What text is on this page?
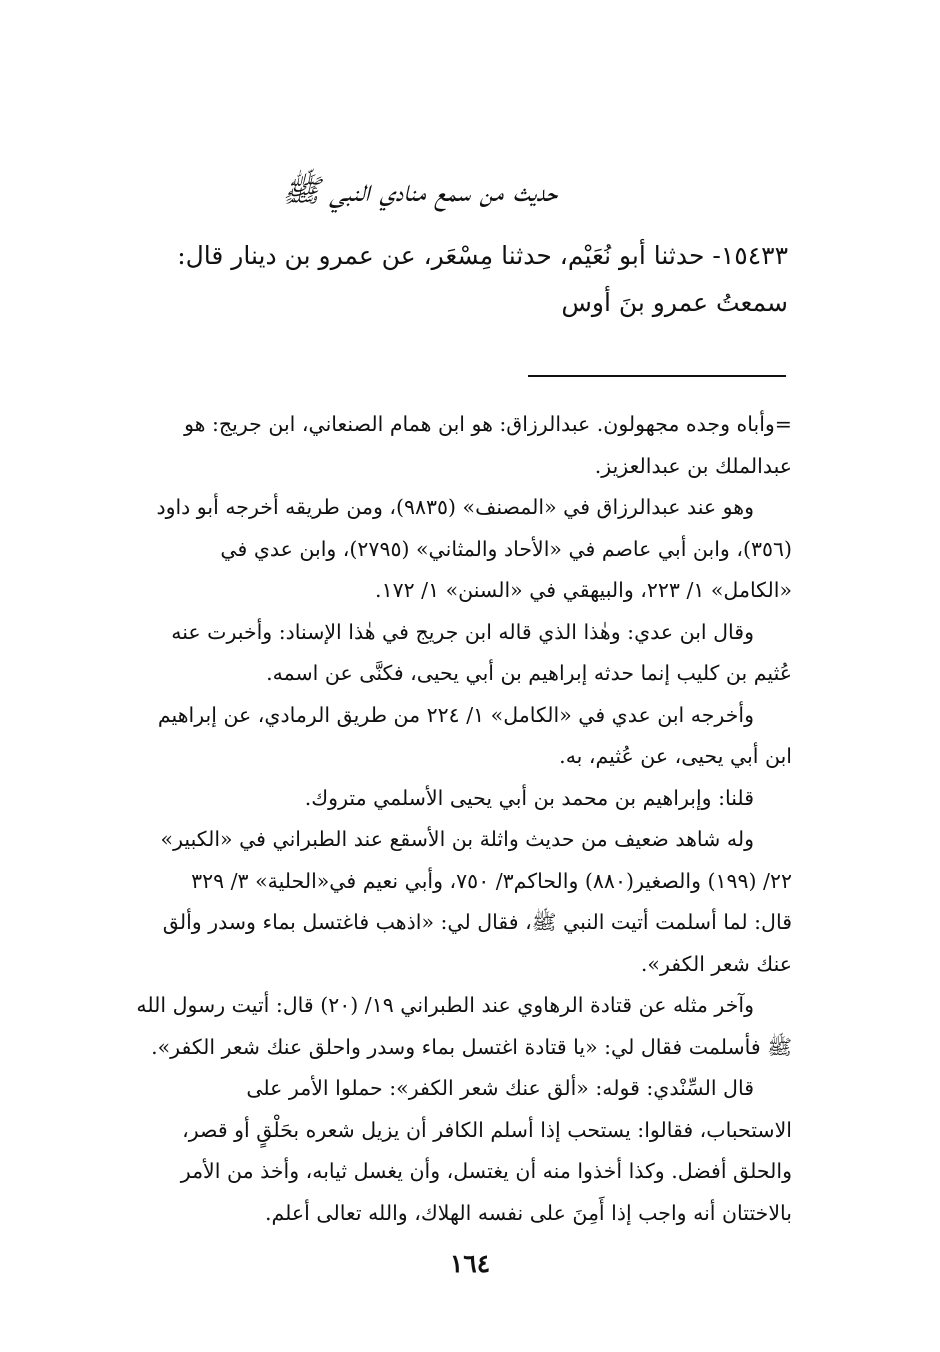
حديث من سمع منادي النبي ﷺ

١٥٤٣٣- حدثنا أبو نُعَيْم، حدثنا مِسْعَر، عن عمرو بن دينار قال:

سمعتُ عمرو بنَ أوس

=وأباه وجده مجهولون. عبدالرزاق: هو ابن همام الصنعاني، ابن جريج: هو

عبدالملك بن عبدالعزيز.

وهو عند عبدالرزاق في «المصنف» (٩٨٣٥)، ومن طريقه أخرجه أبو داود

(٣٥٦)، وابن أبي عاصم في «الأحاد والمثاني» (٢٧٩٥)، وابن عدي في

«الكامل» ١/ ٢٢٣، والبيهقي في «السنن» ١/ ١٧٢.

وقال ابن عدي: وهٰذا الذي قاله ابن جريج في هٰذا الإسناد: وأخبرت عنه

عُثيم بن كليب إنما حدثه إبراهيم بن أبي يحيى، فكنَّى عن اسمه.

وأخرجه ابن عدي في «الكامل» ١/ ٢٢٤ من طريق الرمادي، عن إبراهيم

ابن أبي يحيى، عن عُثيم، به.

قلنا: وإبراهيم بن محمد بن أبي يحيى الأسلمي متروك.

وله شاهد ضعيف من حديث واثلة بن الأسقع عند الطبراني في «الكبير»

٢٢/ (١٩٩) والصغير(٨٨٠) والحاكم٣/ ٧٥٠، وأبي نعيم في«الحلية» ٣/ ٣٢٩

قال: لما أسلمت أتيت النبي ﷺ، فقال لي: «اذهب فاغتسل بماء وسدر وألق

عنك شعر الكفر».

وآخر مثله عن قتادة الرهاوي عند الطبراني ١٩/ (٢٠) قال: أتيت رسول الله

ﷺ فأسلمت فقال لي: «يا قتادة اغتسل بماء وسدر واحلق عنك شعر الكفر».

قال السِّنْدي: قوله: «ألق عنك شعر الكفر»: حملوا الأمر على

الاستحباب، فقالوا: يستحب إذا أسلم الكافر أن يزيل شعره بحَلْقٍ أو قصر،

والحلق أفضل. وكذا أخذوا منه أن يغتسل، وأن يغسل ثيابه، وأخذ من الأمر

بالاختتان أنه واجب إذا أَمِنَ على نفسه الهلاك، والله تعالى أعلم.

١٦٤
